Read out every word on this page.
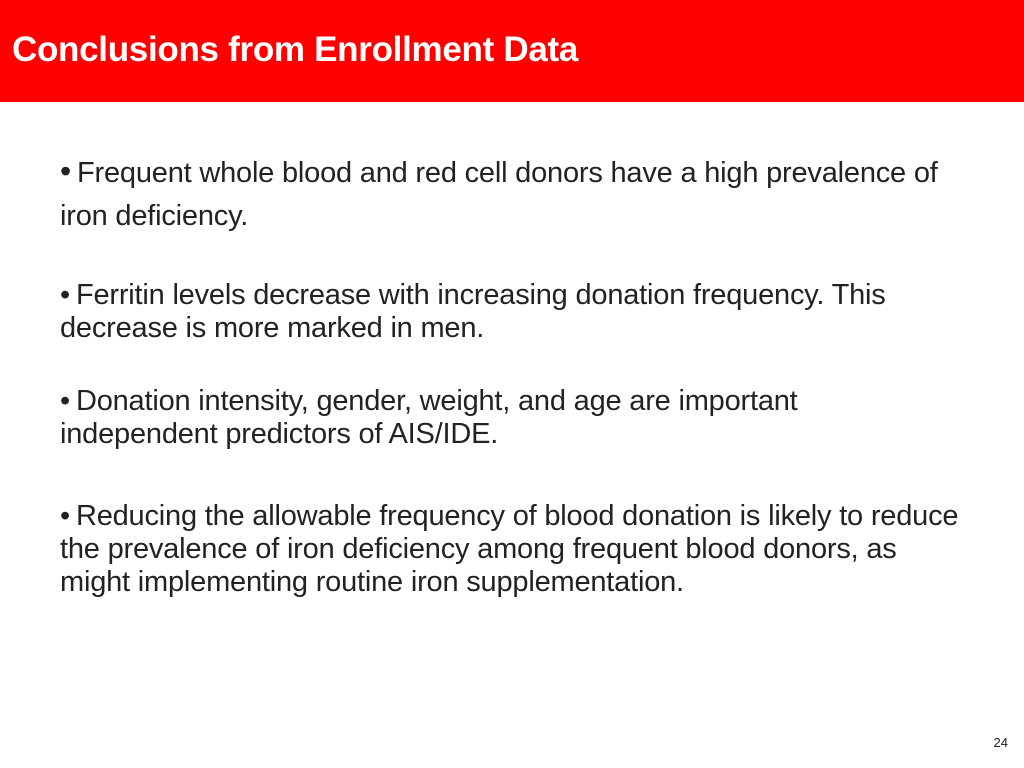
Conclusions from Enrollment Data

• Frequent whole blood and red cell donors have a high prevalence of iron deficiency.

• Ferritin levels decrease with increasing donation frequency. This decrease is more marked in men.

• Donation intensity, gender, weight, and age are important independent predictors of AIS/IDE.

• Reducing the allowable frequency of blood donation is likely to reduce the prevalence of iron deficiency among frequent blood donors, as might implementing routine iron supplementation.

24
